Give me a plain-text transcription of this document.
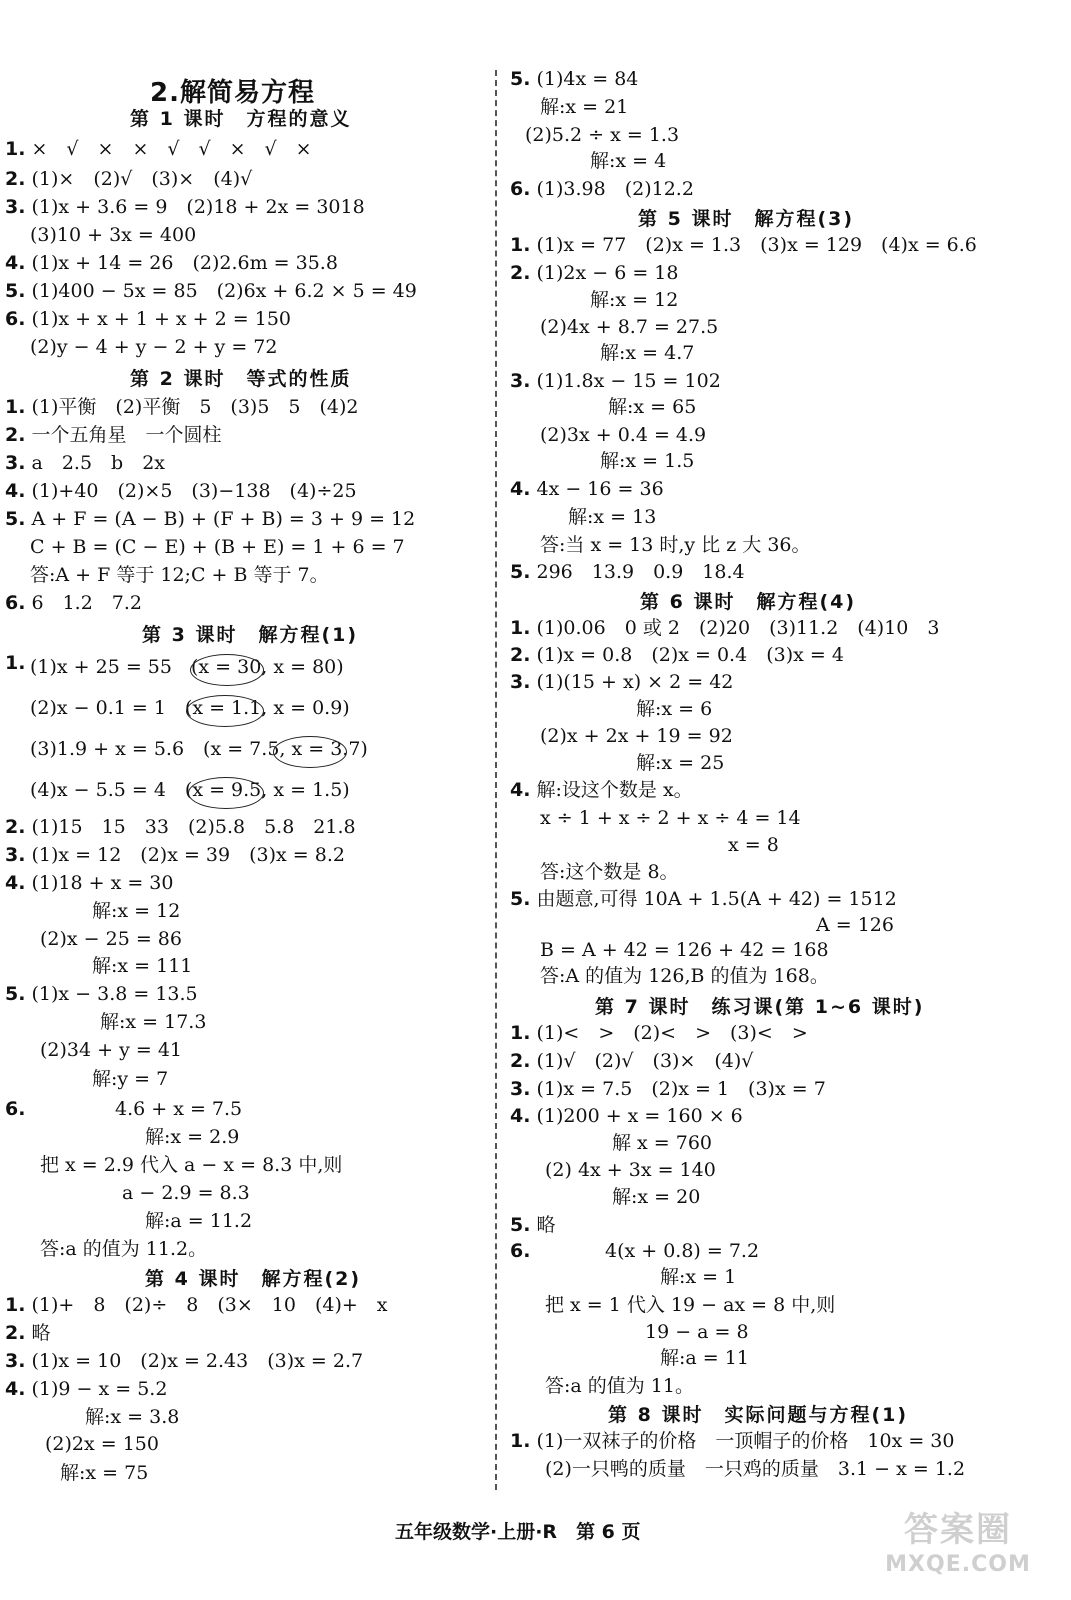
2.解简易方程
第 1 课时　方程的意义
1. ×　√　×　×　√　√　×　√　×
2. (1)×　(2)√　(3)×　(4)√
3. (1)x + 3.6 = 9　(2)18 + 2x = 3018
(3)10 + 3x = 400
4. (1)x + 14 = 26　(2)2.6m = 35.8
5. (1)400 − 5x = 85　(2)6x + 6.2 × 5 = 49
6. (1)x + x + 1 + x + 2 = 150
(2)y − 4 + y − 2 + y = 72
第 2 课时　等式的性质
1. (1)平衡　(2)平衡　5　(3)5　5　(4)2
2. 一个五角星　一个圆柱
3. a　2.5　b　2x
4. (1)+40　(2)×5　(3)−138　(4)÷25
5. A + F = (A − B) + (F + B) = 3 + 9 = 12
C + B = (C − E) + (B + E) = 1 + 6 = 7
答:A + F 等于 12;C + B 等于 7。
6. 6　1.2　7.2
第 3 课时　解方程(1)
1. (1)x + 25 = 55　(x = 30, x = 80)
(2)x − 0.1 = 1　(x = 1.1, x = 0.9)
(3)1.9 + x = 5.6　(x = 7.5, x = 3.7)
(4)x − 5.5 = 4　(x = 9.5, x = 1.5)
2. (1)15　15　33　(2)5.8　5.8　21.8
3. (1)x = 12　(2)x = 39　(3)x = 8.2
4. (1)18 + x = 30
解:x = 12
(2)x − 25 = 86
解:x = 111
5. (1)x − 3.8 = 13.5
解:x = 17.3
(2)34 + y = 41
解:y = 7
6.	4.6 + x = 7.5
解:x = 2.9
把 x = 2.9 代入 a − x = 8.3 中,则
a − 2.9 = 8.3
解:a = 11.2
答:a 的值为 11.2。
第 4 课时　解方程(2)
1. (1)+　8　(2)÷　8　(3×　10　(4)+　x
2. 略
3. (1)x = 10　(2)x = 2.43　(3)x = 2.7
4. (1)9 − x = 5.2
解:x = 3.8
(2)2x = 150
解:x = 75
5. (1)4x = 84
解:x = 21
(2)5.2 ÷ x = 1.3
解:x = 4
6. (1)3.98　(2)12.2
第 5 课时　解方程(3)
1. (1)x = 77　(2)x = 1.3　(3)x = 129　(4)x = 6.6
2. (1)2x − 6 = 18
解:x = 12
(2)4x + 8.7 = 27.5
解:x = 4.7
3. (1)1.8x − 15 = 102
解:x = 65
(2)3x + 0.4 = 4.9
解:x = 1.5
4. 4x − 16 = 36
解:x = 13
答:当 x = 13 时,y 比 z 大 36。
5. 296　13.9　0.9　18.4
第 6 课时　解方程(4)
1. (1)0.06　0 或 2　(2)20　(3)11.2　(4)10　3
2. (1)x = 0.8　(2)x = 0.4　(3)x = 4
3. (1)(15 + x) × 2 = 42
解:x = 6
(2)x + 2x + 19 = 92
解:x = 25
4. 解:设这个数是 x。
x ÷ 1 + x ÷ 2 + x ÷ 4 = 14
x = 8
答:这个数是 8。
5. 由题意,可得 10A + 1.5(A + 42) = 1512
A = 126
B = A + 42 = 126 + 42 = 168
答:A 的值为 126,B 的值为 168。
第 7 课时　练习课(第 1~6 课时)
1. (1)<　>　(2)<　>　(3)<　>
2. (1)√　(2)√　(3)×　(4)√
3. (1)x = 7.5　(2)x = 1　(3)x = 7
4. (1)200 + x = 160 × 6
解 x = 760
(2) 4x + 3x = 140
解:x = 20
5. 略
6.	4(x + 0.8) = 7.2
解:x = 1
把 x = 1 代入 19 − ax = 8 中,则
19 − a = 8
解:a = 11
答:a 的值为 11。
第 8 课时　实际问题与方程(1)
1. (1)一双袜子的价格　一顶帽子的价格　10x = 30
(2)一只鸭的质量　一只鸡的质量　3.1 − x = 1.2
五年级数学·上册·R　第 6 页	答案圈
MXQE.COM
